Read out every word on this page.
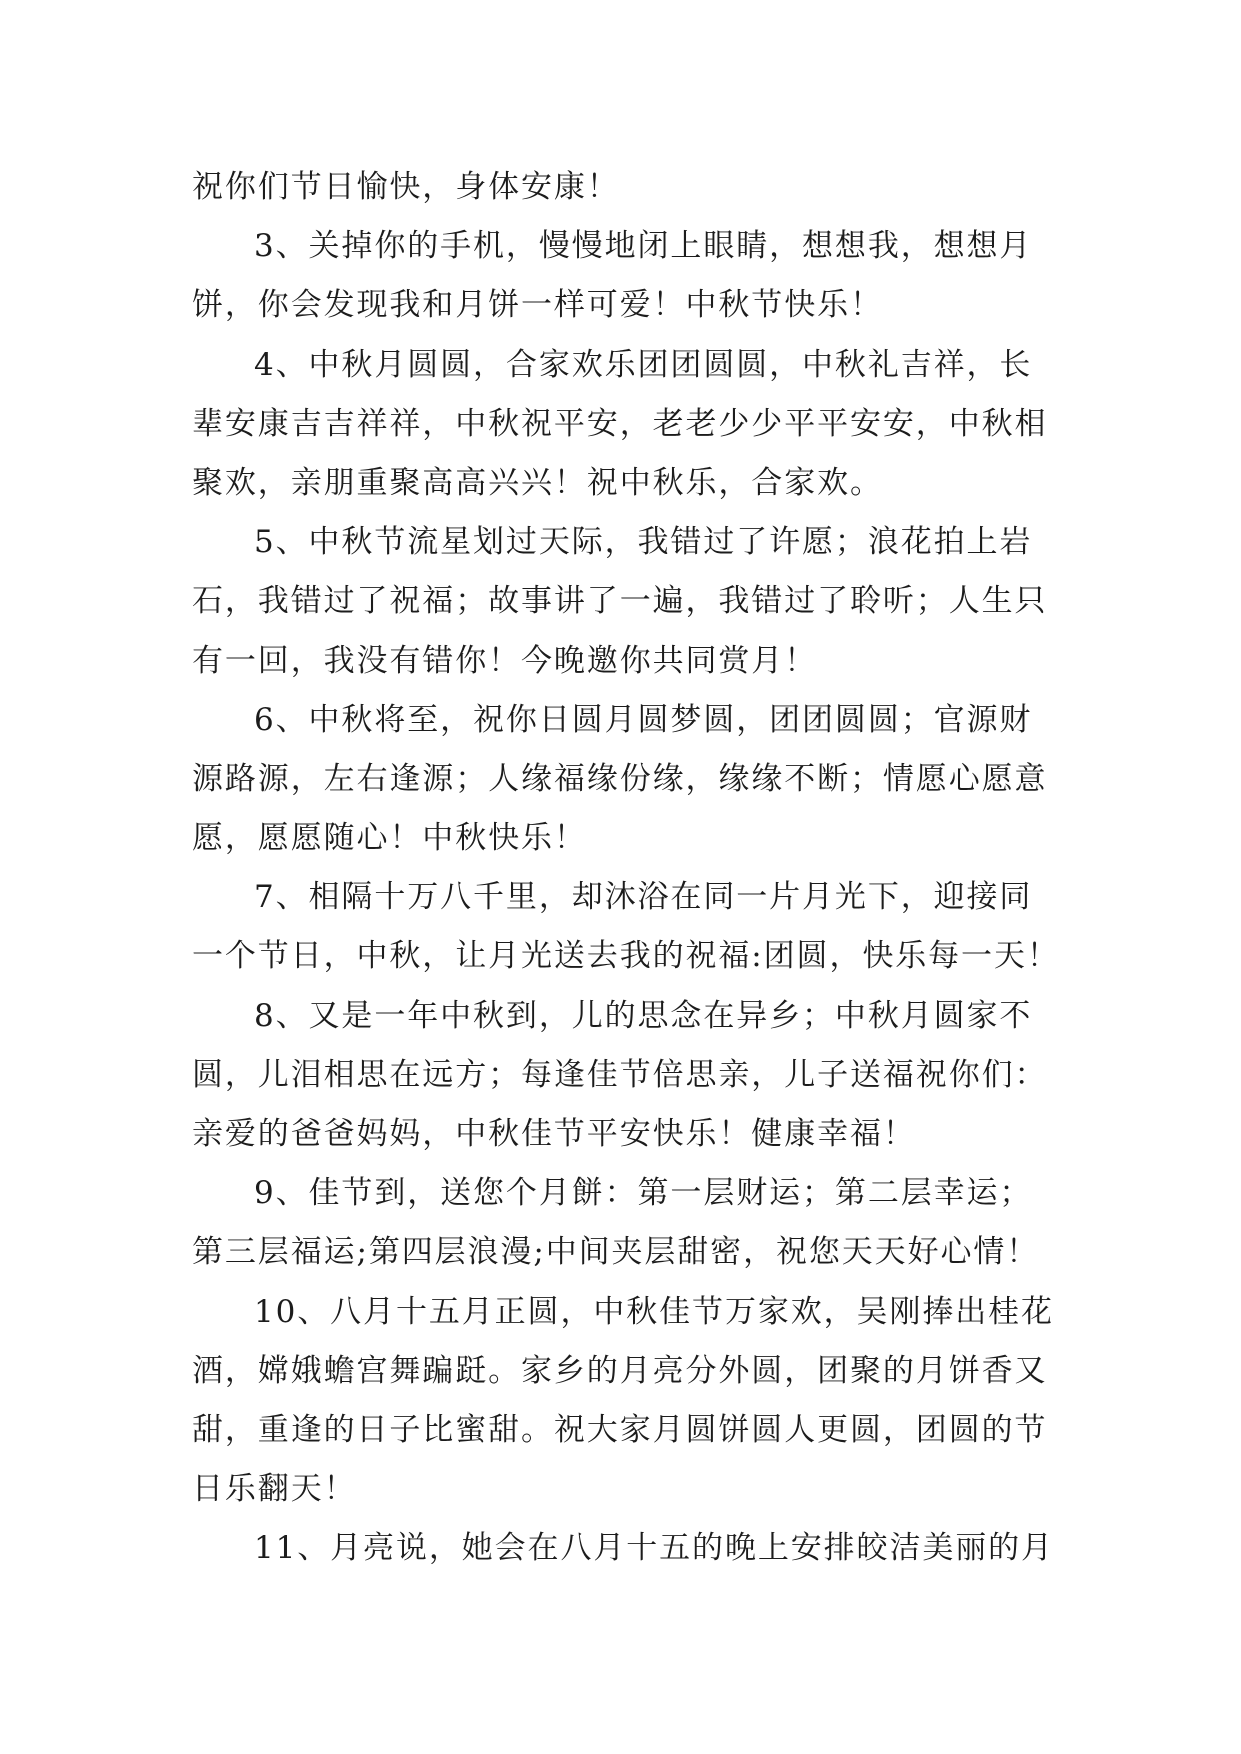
祝你们节日愉快，身体安康！
3、关掉你的手机，慢慢地闭上眼睛，想想我，想想月
饼，你会发现我和月饼一样可爱！中秋节快乐！
4、中秋月圆圆，合家欢乐团团圆圆，中秋礼吉祥，长
辈安康吉吉祥祥，中秋祝平安，老老少少平平安安，中秋相
聚欢，亲朋重聚高高兴兴！祝中秋乐，合家欢。
5、中秋节流星划过天际，我错过了许愿；浪花拍上岩
石，我错过了祝福；故事讲了一遍，我错过了聆听；人生只
有一回，我没有错你！今晚邀你共同赏月！
6、中秋将至，祝你日圆月圆梦圆，团团圆圆；官源财
源路源，左右逢源；人缘福缘份缘，缘缘不断；情愿心愿意
愿，愿愿随心！中秋快乐！
7、相隔十万八千里，却沐浴在同一片月光下，迎接同
一个节日，中秋，让月光送去我的祝福:团圆，快乐每一天！
8、又是一年中秋到，儿的思念在异乡；中秋月圆家不
圆，儿泪相思在远方；每逢佳节倍思亲，儿子送福祝你们：
亲爱的爸爸妈妈，中秋佳节平安快乐！健康幸福！
9、佳节到，送您个月餅：第一层财运；第二层幸运；
第三层福运;第四层浪漫;中间夹层甜密，祝您天天好心情！
10、八月十五月正圆，中秋佳节万家欢，吴刚捧出桂花
酒，嫦娥蟾宫舞蹁跹。家乡的月亮分外圆，团聚的月饼香又
甜，重逢的日子比蜜甜。祝大家月圆饼圆人更圆，团圆的节
日乐翻天！
11、月亮说，她会在八月十五的晚上安排皎洁美丽的月
